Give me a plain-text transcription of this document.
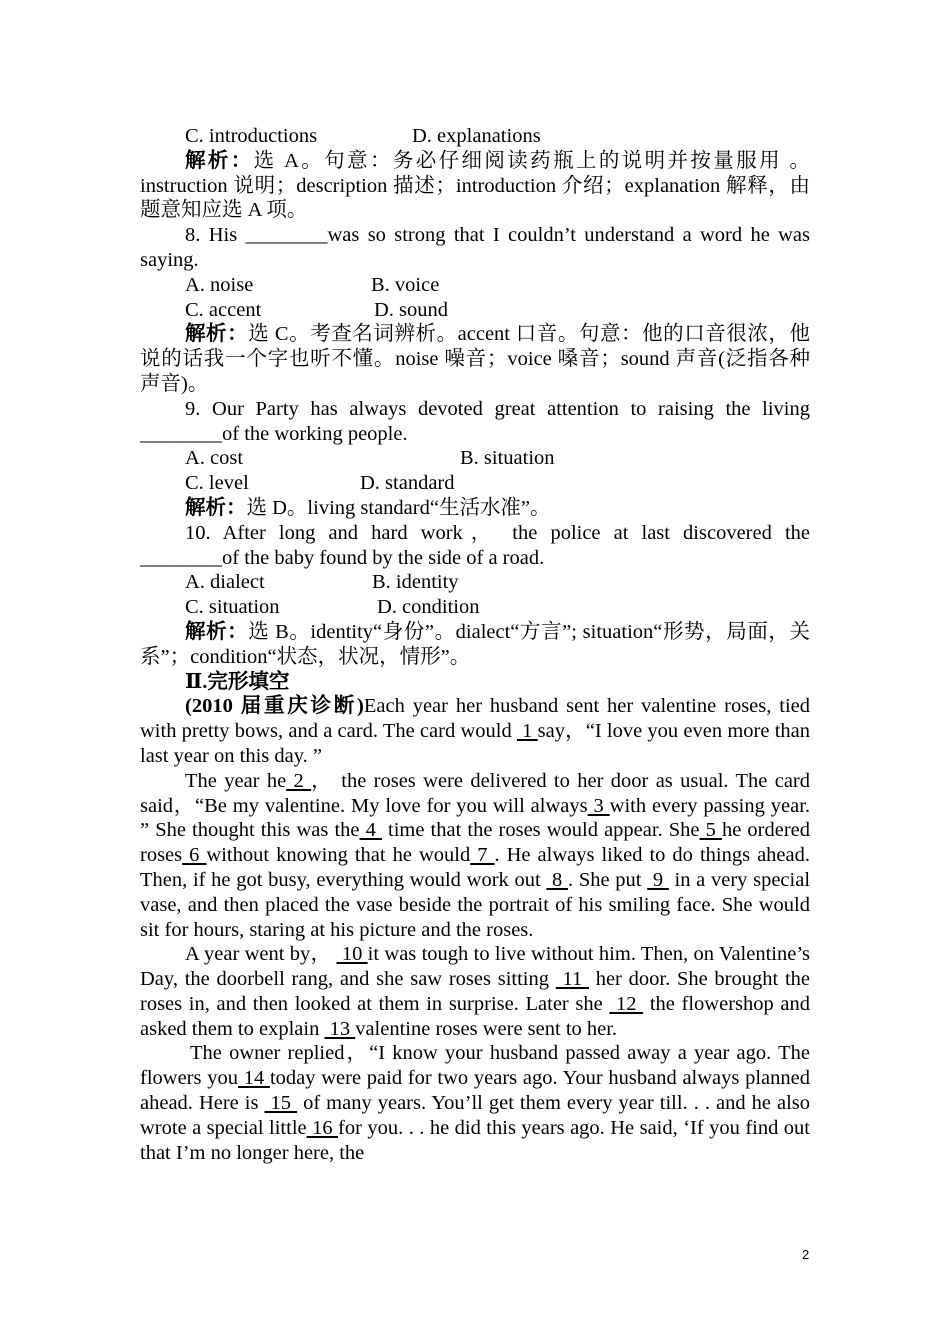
C. introductions	D. explanations

解析：选 A。句意：务必仔细阅读药瓶上的说明并按量服用 。instruction 说明；description 描述；introduction 介绍；explanation 解释，由题意知应选 A 项。

8. His ________was so strong that I couldn’t understand a word he was saying.

A. noise	B. voice
C. accent	D. sound

解析：选 C。考查名词辨析。accent 口音。句意：他的口音很浓，他说的话我一个字也听不懂。noise 噪音；voice 嗓音；sound 声音(泛指各种声音)。

9. Our Party has always devoted great attention to raising the living ________of the working people.

A. cost	B. situation
C. level	D. standard

解析：选 D。living standard“生活水准”。

10. After long and hard work， the police at last discovered the ________of the baby found by the side of a road.

A. dialect	B. identity
C. situation	D. condition

解析：选 B。identity“身份”。dialect“方言”; situation“形势，局面，关系”；condition“状态，状况，情形”。

Ⅱ.完形填空

(2010 届重庆诊断)Each year her husband sent her valentine roses, tied with pretty bows, and a card. The card would  1 say，“I love you even more than last year on this day. ”

The year he 2 ， the roses were delivered to her door as usual. The card said，“Be my valentine. My love for you will always 3 with every passing year. ” She thought this was the 4  time that the roses would appear. She 5 he ordered roses 6 without knowing that he would 7 . He always liked to do things ahead. Then, if he got busy, everything would work out  8 . She put  9  in a very special vase, and then placed the vase beside the portrait of his smiling face. She would sit for hours, staring at his picture and the roses.

A year went by，  10 it was tough to live without him. Then, on Valentine’s Day, the doorbell rang, and she saw roses sitting  11  her door. She brought the roses in, and then looked at them in surprise. Later she  12  the flowershop and asked them to explain  13 valentine roses were sent to her.

The owner replied，“I know your husband passed away a year ago. The flowers you 14 today were paid for two years ago. Your husband always planned ahead. Here is  15  of many years. You’ll get them every year till. . . and he also wrote a special little 16 for you. . . he did this years ago. He said, ‘If you find out that I’m no longer here, the

2
